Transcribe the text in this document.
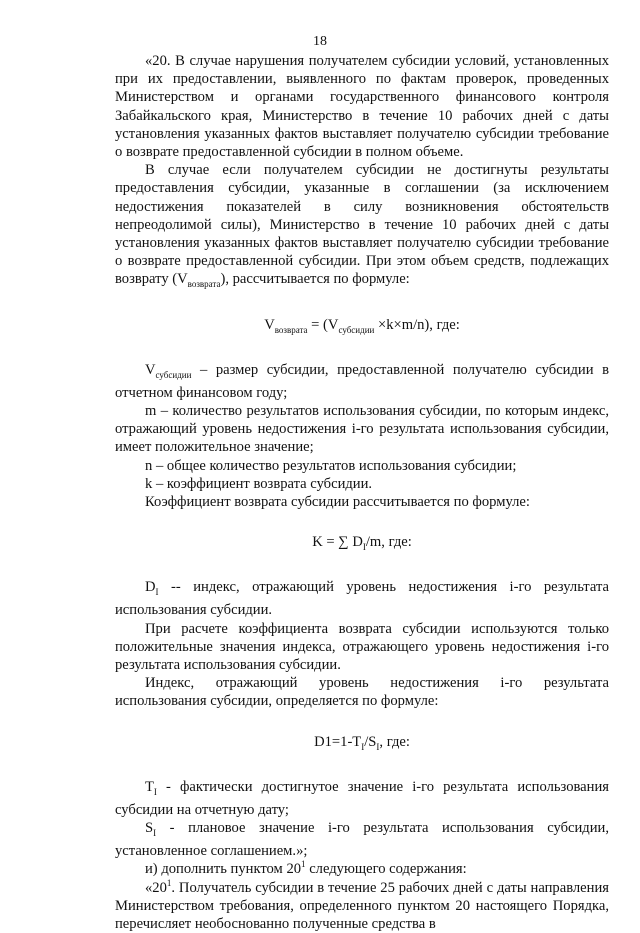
18

«20. В случае нарушения получателем субсидии условий, установленных при их предоставлении, выявленного по фактам проверок, проведенных Министерством и органами государственного финансового контроля Забайкальского края, Министерство в течение 10 рабочих дней с даты установления указанных фактов выставляет получателю субсидии требование о возврате предоставленной субсидии в полном объеме.

В случае если получателем субсидии не достигнуты результаты предоставления субсидии, указанные в соглашении (за исключением недостижения показателей в силу возникновения обстоятельств непреодолимой силы), Министерство в течение 10 рабочих дней с даты установления указанных фактов выставляет получателю субсидии требование о возврате предоставленной субсидии. При этом объем средств, подлежащих возврату $(V_{возврата})$, рассчитывается по формуле:

$V_{возврата} = (V_{субсидии} \times k\times m/n)$, где:

$V_{субсидии}$ – размер субсидии, предоставленной получателю субсидии в отчетном финансовом году;

m – количество результатов использования субсидии, по которым индекс, отражающий уровень недостижения i-го результата использования субсидии, имеет положительное значение;

n – общее количество результатов использования субсидии;

k – коэффициент возврата субсидии.

Коэффициент возврата субсидии рассчитывается по формуле:

K = ∑ $D_I/m$, где:

$D_I$ -- индекс, отражающий уровень недостижения i-го результата использования субсидии.

При расчете коэффициента возврата субсидии используются только положительные значения индекса, отражающего уровень недостижения i-го результата использования субсидии.

Индекс, отражающий уровень недостижения i-го результата использования субсидии, определяется по формуле:

$D1=1-T_I/S_I$, где:

$T_I$ - фактически достигнутое значение i-го результата использования субсидии на отчетную дату;

$S_I$ - плановое значение i-го результата использования субсидии, установленное соглашением.»;

и) дополнить пунктом $20^1$ следующего содержания:

«$20^1$. Получатель субсидии в течение 25 рабочих дней с даты направления Министерством требования, определенного пунктом 20 настоящего Порядка, перечисляет необоснованно полученные средства в
